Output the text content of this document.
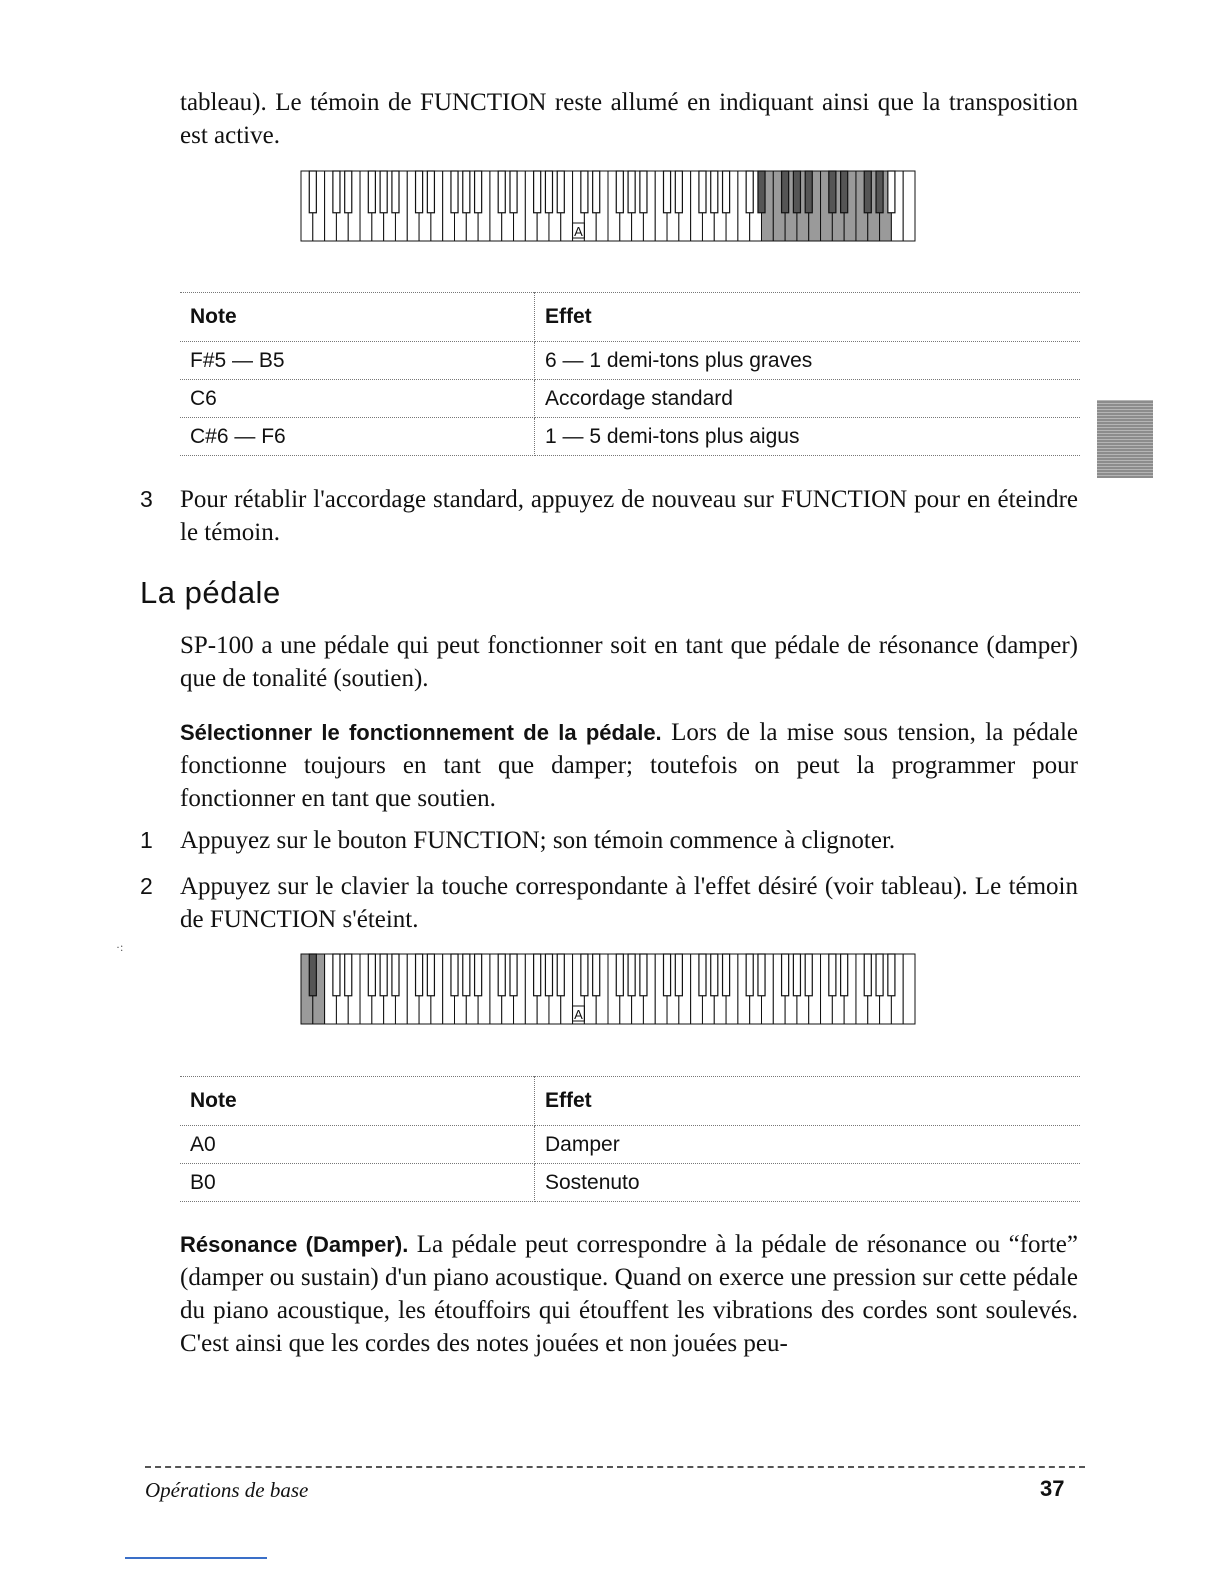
tableau). Le témoin de FUNCTION reste allumé en indiquant ainsi que la transposition est active.

A
Note	Effet
F#5 — B5	6 — 1 demi-tons plus graves
C6	Accordage standard
C#6 — F6	1 — 5 demi-tons plus aigus
3 Pour rétablir l'accordage standard, appuyez de nouveau sur FUNCTION pour en éteindre le témoin.

La pédale

SP-100 a une pédale qui peut fonctionner soit en tant que pédale de résonance (damper) que de tonalité (soutien).

Sélectionner le fonctionnement de la pédale. Lors de la mise sous tension, la pédale fonctionne toujours en tant que damper; toutefois on peut la programmer pour fonctionner en tant que soutien.

1 Appuyez sur le bouton FUNCTION; son témoin commence à clignoter.

2 Appuyez sur le clavier la touche correspondante à l'effet désiré (voir tableau). Le témoin de FUNCTION s'éteint.

·:
A
Note	Effet
A0	Damper
B0	Sostenuto

Résonance (Damper). La pédale peut correspondre à la pédale de résonance ou “forte” (damper ou sustain) d'un piano acoustique. Quand on exerce une pression sur cette pédale du piano acoustique, les étouffoirs qui étouffent les vibrations des cordes sont soulevés. C'est ainsi que les cordes des notes jouées et non jouées peu-

Opérations de base	37
